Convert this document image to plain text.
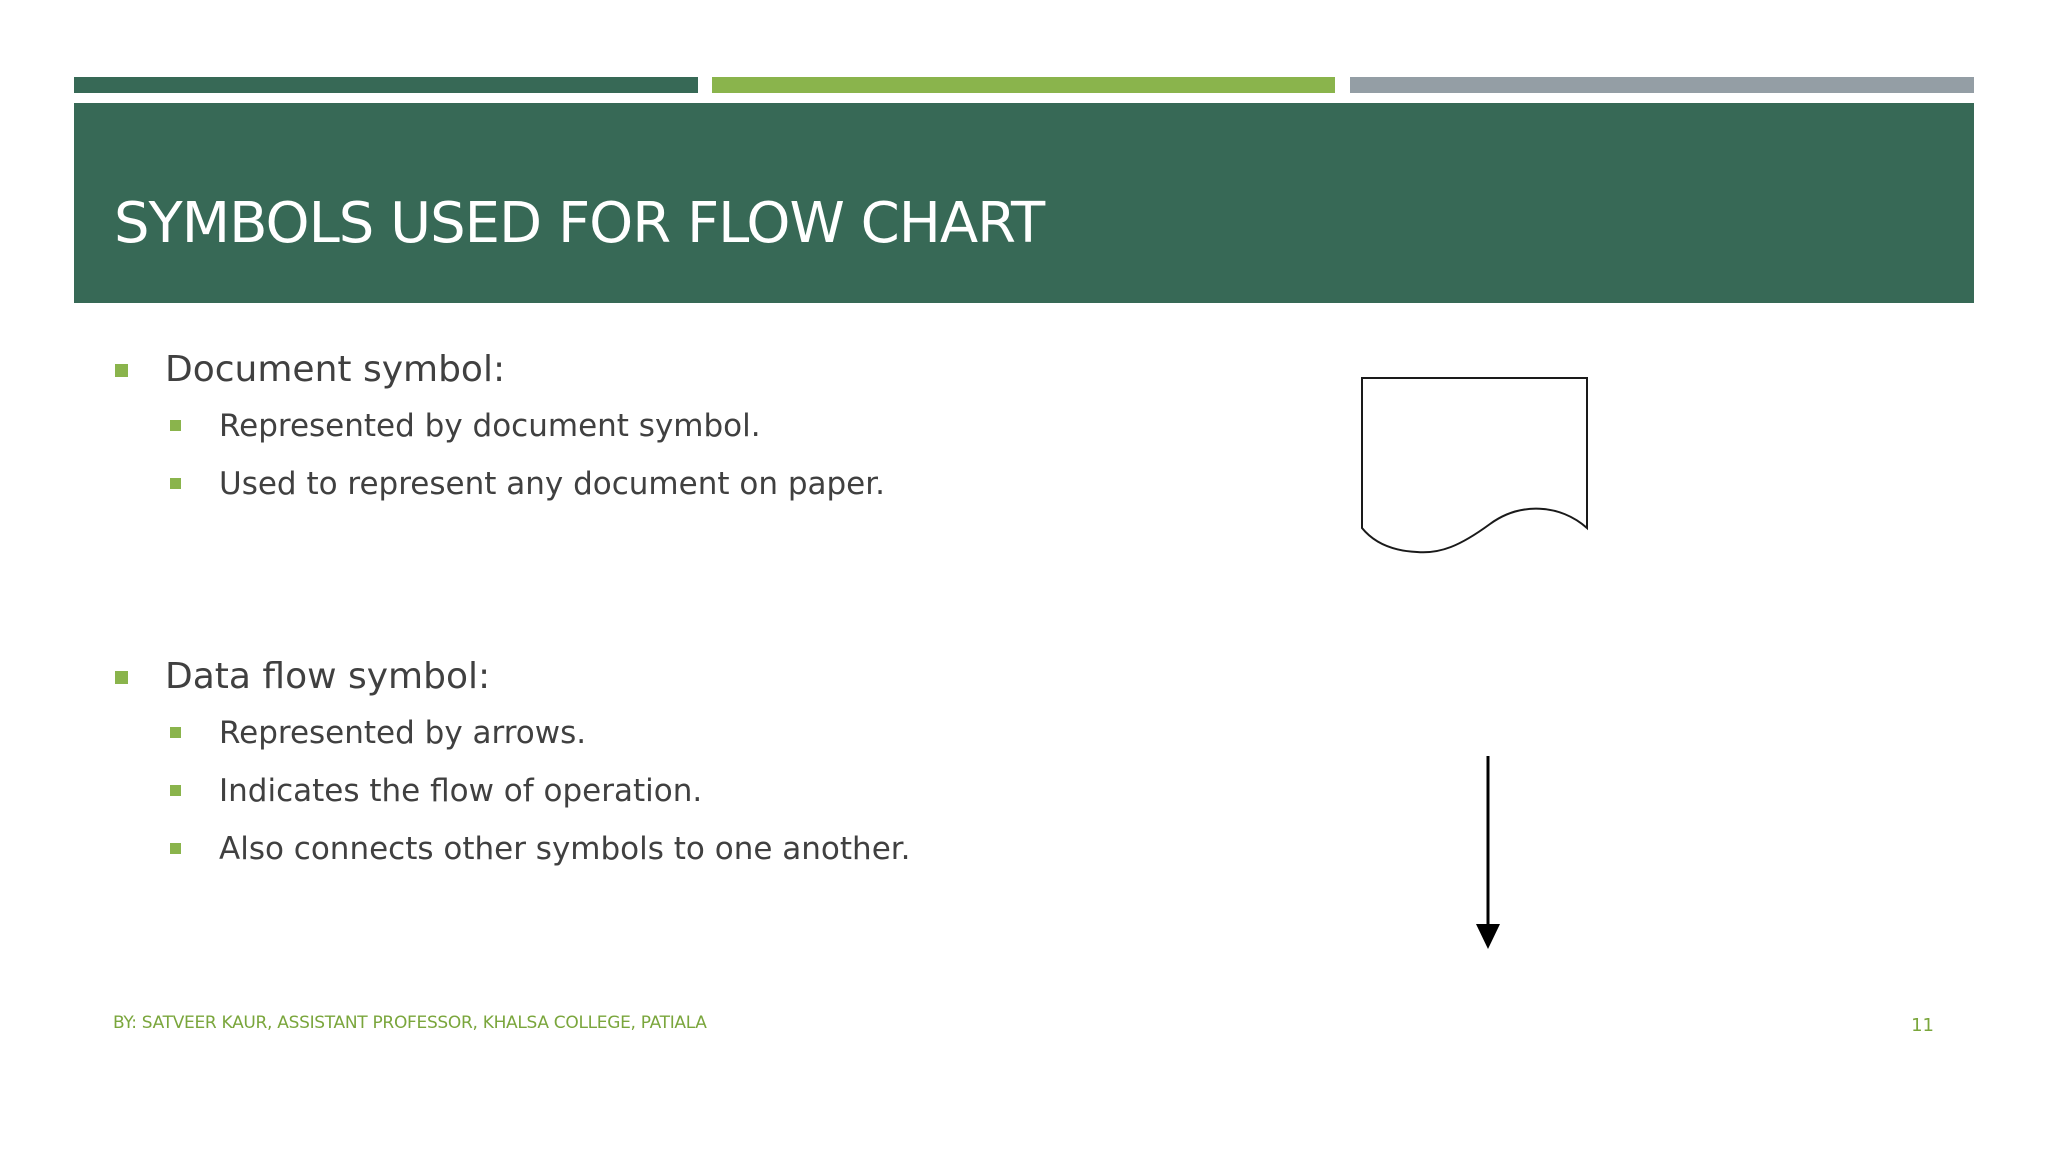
SYMBOLS USED FOR FLOW CHART
Document symbol:
Represented by document symbol.
Used to represent any document on paper.
Data flow symbol:
Represented by arrows.
Indicates the flow of operation.
Also connects other symbols to one another.
BY: SATVEER KAUR, ASSISTANT PROFESSOR, KHALSA COLLEGE, PATIALA	11
